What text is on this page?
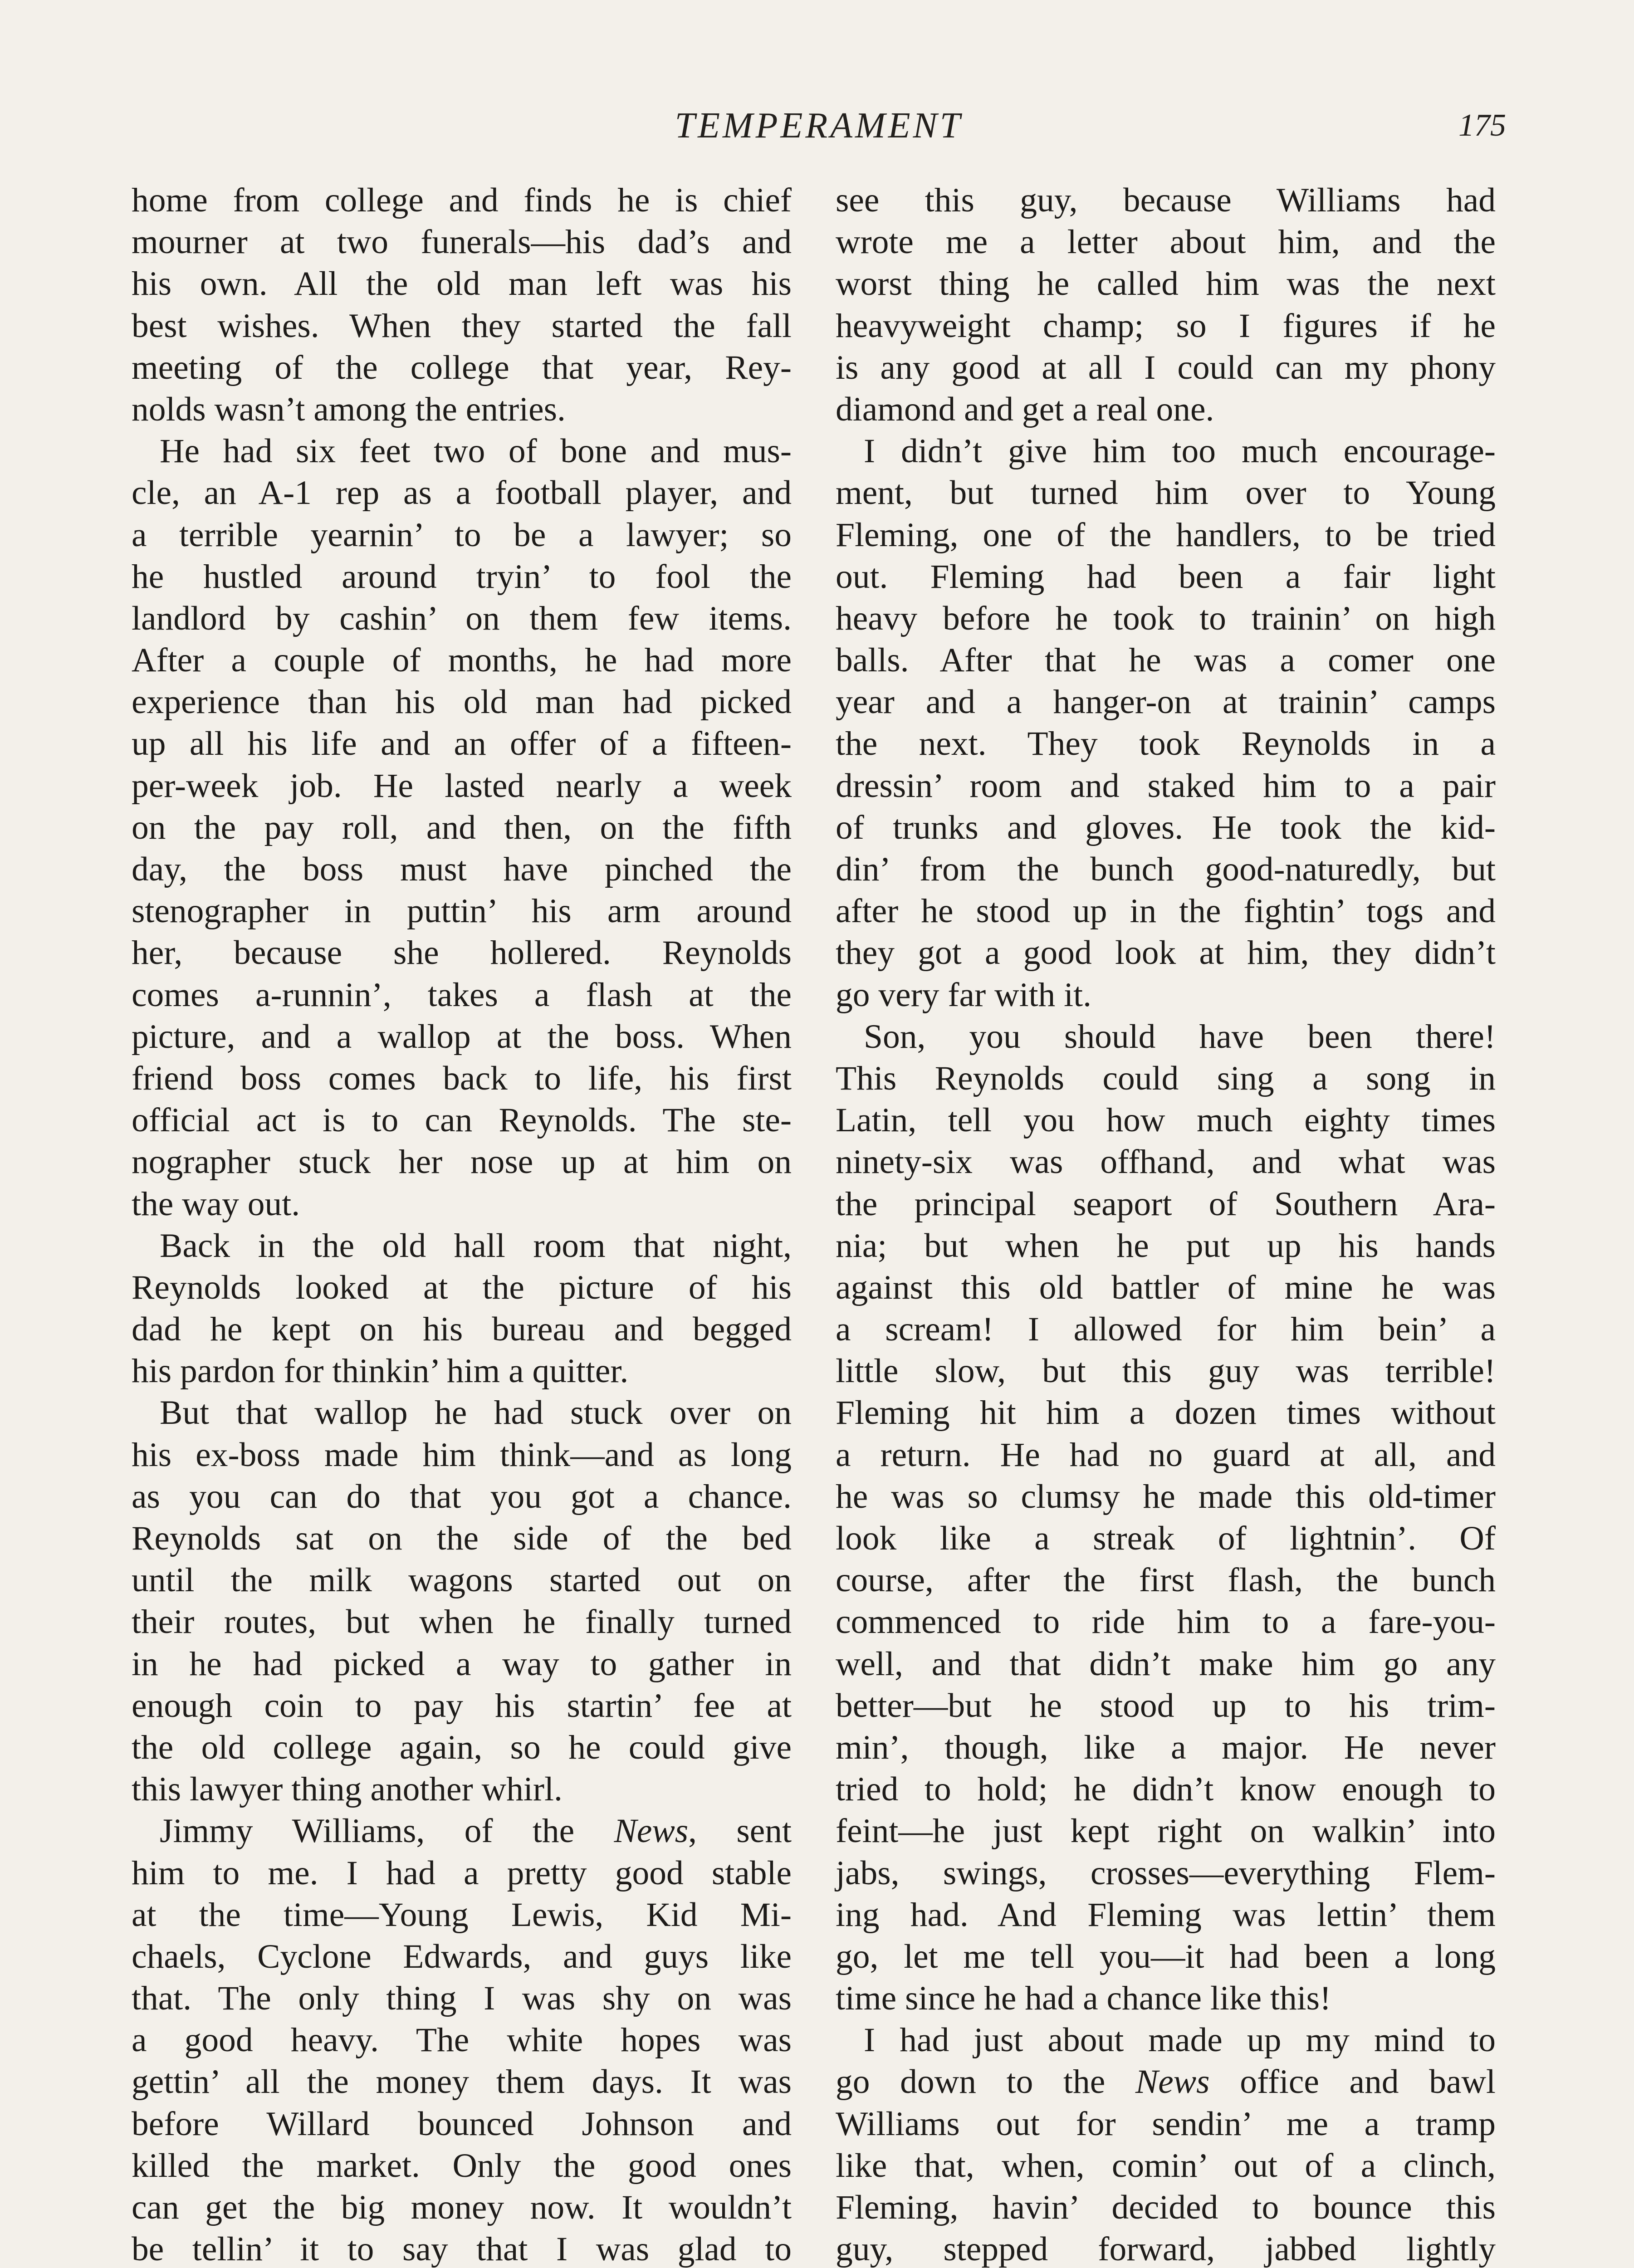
TEMPERAMENT	175
home from college and finds he is chief
mourner at two funerals—his dad’s and
his own. All the old man left was his
best wishes. When they started the fall
meeting of the college that year, Rey-
nolds wasn’t among the entries.
He had six feet two of bone and mus-
cle, an A-1 rep as a football player, and
a terrible yearnin’ to be a lawyer; so
he hustled around tryin’ to fool the
landlord by cashin’ on them few items.
After a couple of months, he had more
experience than his old man had picked
up all his life and an offer of a fifteen-
per-week job. He lasted nearly a week
on the pay roll, and then, on the fifth
day, the boss must have pinched the
stenographer in puttin’ his arm around
her, because she hollered. Reynolds
comes a-runnin’, takes a flash at the
picture, and a wallop at the boss. When
friend boss comes back to life, his first
official act is to can Reynolds. The ste-
nographer stuck her nose up at him on
the way out.
Back in the old hall room that night,
Reynolds looked at the picture of his
dad he kept on his bureau and begged
his pardon for thinkin’ him a quitter.
But that wallop he had stuck over on
his ex-boss made him think—and as long
as you can do that you got a chance.
Reynolds sat on the side of the bed
until the milk wagons started out on
their routes, but when he finally turned
in he had picked a way to gather in
enough coin to pay his startin’ fee at
the old college again, so he could give
this lawyer thing another whirl.
Jimmy Williams, of the News, sent
him to me. I had a pretty good stable
at the time—Young Lewis, Kid Mi-
chaels, Cyclone Edwards, and guys like
that. The only thing I was shy on was
a good heavy. The white hopes was
gettin’ all the money them days. It was
before Willard bounced Johnson and
killed the market. Only the good ones
can get the big money now. It wouldn’t
be tellin’ it to say that I was glad to
see this guy, because Williams had
wrote me a letter about him, and the
worst thing he called him was the next
heavyweight champ; so I figures if he
is any good at all I could can my phony
diamond and get a real one.
I didn’t give him too much encourage-
ment, but turned him over to Young
Fleming, one of the handlers, to be tried
out. Fleming had been a fair light
heavy before he took to trainin’ on high
balls. After that he was a comer one
year and a hanger-on at trainin’ camps
the next. They took Reynolds in a
dressin’ room and staked him to a pair
of trunks and gloves. He took the kid-
din’ from the bunch good-naturedly, but
after he stood up in the fightin’ togs and
they got a good look at him, they didn’t
go very far with it.
Son, you should have been there!
This Reynolds could sing a song in
Latin, tell you how much eighty times
ninety-six was offhand, and what was
the principal seaport of Southern Ara-
nia; but when he put up his hands
against this old battler of mine he was
a scream! I allowed for him bein’ a
little slow, but this guy was terrible!
Fleming hit him a dozen times without
a return. He had no guard at all, and
he was so clumsy he made this old-timer
look like a streak of lightnin’. Of
course, after the first flash, the bunch
commenced to ride him to a fare-you-
well, and that didn’t make him go any
better—but he stood up to his trim-
min’, though, like a major. He never
tried to hold; he didn’t know enough to
feint—he just kept right on walkin’ into
jabs, swings, crosses—everything Flem-
ing had. And Fleming was lettin’ them
go, let me tell you—it had been a long
time since he had a chance like this!
I had just about made up my mind to
go down to the News office and bawl
Williams out for sendin’ me a tramp
like that, when, comin’ out of a clinch,
Fleming, havin’ decided to bounce this
guy, stepped forward, jabbed lightly
